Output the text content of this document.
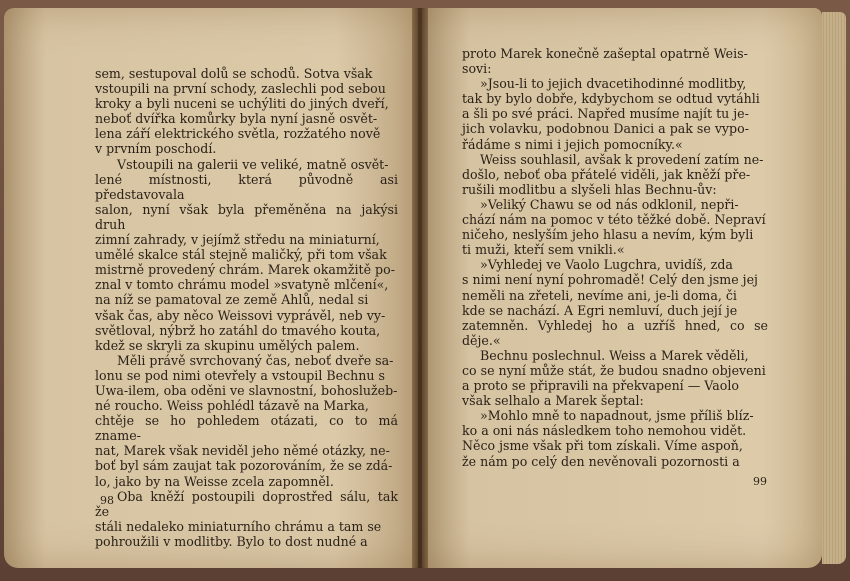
sem, sestupoval dolů se schodů. Sotva však
vstoupili na první schody, zaslechli pod sebou
kroky a byli nuceni se uchýliti do jiných dveří,
neboť dvířka komůrky byla nyní jasně osvět-
lena září elektrického světla, rozžatého nově
v prvním poschodí.

Vstoupili na galerii ve veliké, matně osvět-
lené místnosti, která původně asi představovala
salon, nyní však byla přeměněna na jakýsi druh
zimní zahrady, v jejímž středu na miniaturní,
umělé skalce stál stejně maličký, při tom však
mistrně provedený chrám. Marek okamžitě po-
znal v tomto chrámu model »svatyně mlčení«,
na níž se pamatoval ze země Ahlů, nedal si
však čas, aby něco Weissovi vyprávěl, neb vy-
světloval, nýbrž ho zatáhl do tmavého kouta,
kdež se skryli za skupinu umělých palem.

Měli právě svrchovaný čas, neboť dveře sa-
lonu se pod nimi otevřely a vstoupil Bechnu s
Uwa-ilem, oba oděni ve slavnostní, bohoslužeb-
né roucho. Weiss pohlédl tázavě na Marka,
chtěje se ho pohledem otázati, co to má zname-
nat, Marek však neviděl jeho němé otázky, ne-
boť byl sám zaujat tak pozorováním, že se zdá-
lo, jako by na Weisse zcela zapomněl.

Oba kněží postoupili doprostřed sálu, tak že
stáli nedaleko miniaturního chrámu a tam se
pohroužili v modlitby. Bylo to dost nudné a

98

proto Marek konečně zašeptal opatrně Weis-
sovi:

»Jsou-li to jejich dvacetihodinné modlitby,
tak by bylo dobře, kdybychom se odtud vytáhli
a šli po své práci. Napřed musíme najít tu je-
jich volavku, podobnou Danici a pak se vypo-
řádáme s nimi i jejich pomocníky.«

Weiss souhlasil, avšak k provedení zatím ne-
došlo, neboť oba přátelé viděli, jak kněží pře-
rušili modlitbu a slyšeli hlas Bechnu-ův:

»Veliký Chawu se od nás odklonil, nepři-
chází nám na pomoc v této těžké době. Nepraví
ničeho, neslyším jeho hlasu a nevím, kým byli
ti muži, kteří sem vnikli.«

»Vyhledej ve Vaolo Lugchra, uvidíš, zda
s nimi není nyní pohromadě! Celý den jsme jej
neměli na zřeteli, nevíme ani, je-li doma, či
kde se nachází. A Egri nemluví, duch její je
zatemněn. Vyhledej ho a uzříš hned, co se děje.«

Bechnu poslechnul. Weiss a Marek věděli,
co se nyní může stát, že budou snadno objeveni
a proto se připravili na překvapení — Vaolo
však selhalo a Marek šeptal:

»Mohlo mně to napadnout, jsme příliš blíz-
ko a oni nás následkem toho nemohou vidět.
Něco jsme však při tom získali. Víme aspoň,
že nám po celý den nevěnovali pozornosti a

99
